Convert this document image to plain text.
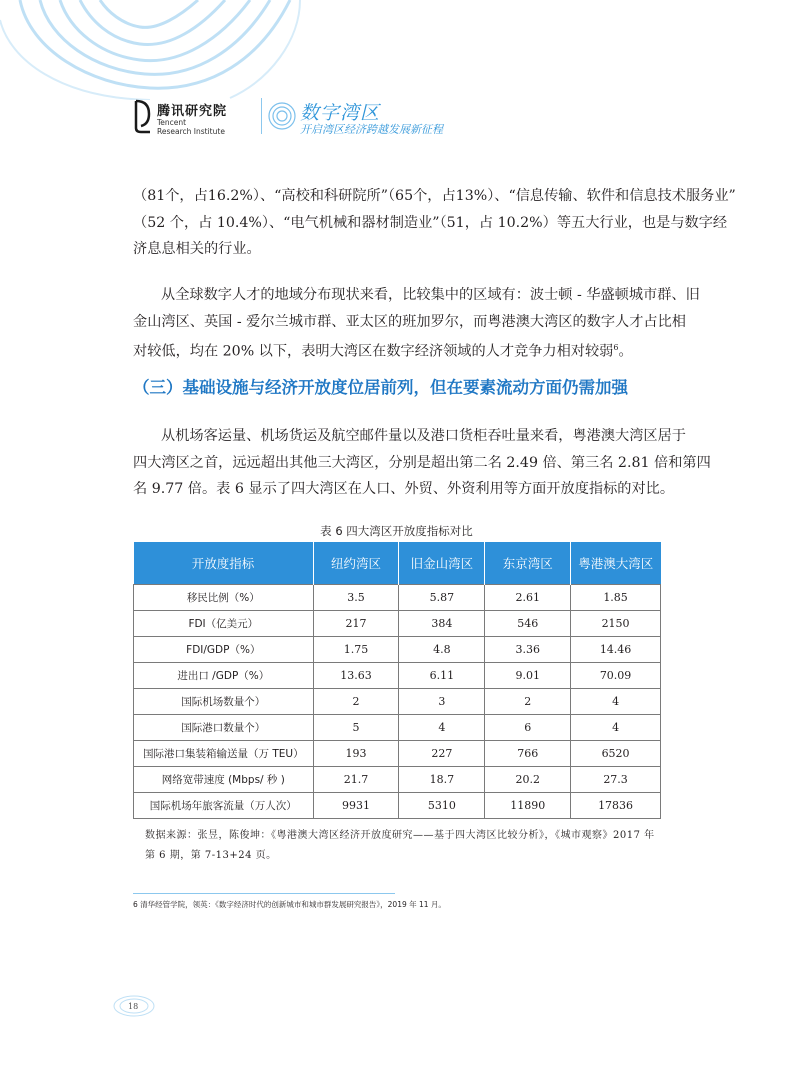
腾讯研究院
Tencent
Research Institute
数字湾区
开启湾区经济跨越发展新征程
（81个，占16.2%）、“高校和科研院所”（65个，占13%）、“信息传输、软件和信息技术服务业”
（52 个，占 10.4%）、“电气机械和器材制造业”（51，占 10.2%）等五大行业，也是与数字经
济息息相关的行业。
从全球数字人才的地域分布现状来看，比较集中的区域有：波士顿 - 华盛顿城市群、旧
金山湾区、英国 - 爱尔兰城市群、亚太区的班加罗尔，而粤港澳大湾区的数字人才占比相
对较低，均在 20% 以下，表明大湾区在数字经济领域的人才竞争力相对较弱$^6$。
（三）基础设施与经济开放度位居前列，但在要素流动方面仍需加强
从机场客运量、机场货运及航空邮件量以及港口货柜吞吐量来看，粤港澳大湾区居于
四大湾区之首，远远超出其他三大湾区，分别是超出第二名 2.49 倍、第三名 2.81 倍和第四
名 9.77 倍。表 6 显示了四大湾区在人口、外贸、外资利用等方面开放度指标的对比。
表 6 四大湾区开放度指标对比
开放度指标	纽约湾区	旧金山湾区	东京湾区	粤港澳大湾区
移民比例（%）	3.5	5.87	2.61	1.85
FDI（亿美元）	217	384	546	2150
FDI/GDP（%）	1.75	4.8	3.36	14.46
进出口 /GDP（%）	13.63	6.11	9.01	70.09
国际机场数量个）	2	3	2	4
国际港口数量个）	5	4	6	4
国际港口集装箱输送量（万 TEU）	193	227	766	6520
网络宽带速度 (Mbps/ 秒 )	21.7	18.7	20.2	27.3
国际机场年旅客流量（万人次）	9931	5310	11890	17836
数据来源：张昱，陈俊坤：《粤港澳大湾区经济开放度研究——基于四大湾区比较分析》，《城市观察》2017 年
第 6 期，第 7-13+24 页。
6 清华经管学院，领英：《数字经济时代的创新城市和城市群发展研究报告》，2019 年 11 月。
18
